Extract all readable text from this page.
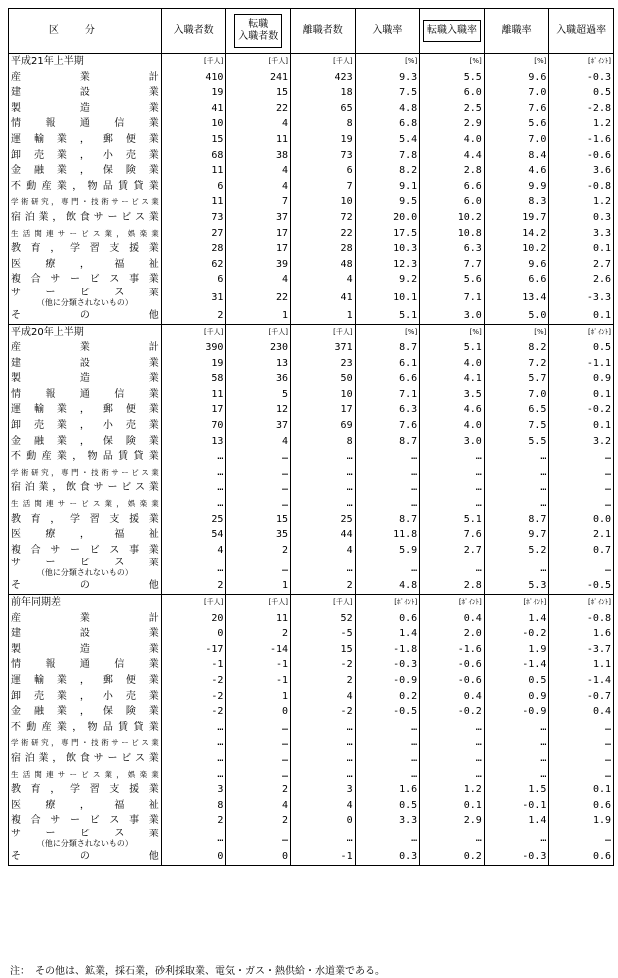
区分	入職者数	転職
入職者数	離職者数	入職率	転職入職率	離職率	入職超過率
平成21年上半期	[千人]	[千人]	[千人]	[%]	[%]	[%]	[ﾎﾟｲﾝﾄ]
産業計	410	241	423	9.3	5.5	9.6	-0.3
建設業	19	15	18	7.5	6.0	7.0	0.5
製造業	41	22	65	4.8	2.5	7.6	-2.8
情報通信業	10	4	8	6.8	2.9	5.6	1.2
運輸業，郵便業	15	11	19	5.4	4.0	7.0	-1.6
卸売業，小売業	68	38	73	7.8	4.4	8.4	-0.6
金融業，保険業	11	4	6	8.2	2.8	4.6	3.6
不動産業，物品賃貸業	6	4	7	9.1	6.6	9.9	-0.8
学術研究，専門・技術サービス業	11	7	10	9.5	6.0	8.3	1.2
宿泊業，飲食サービス業	73	37	72	20.0	10.2	19.7	0.3
生活関連サービス業，娯楽業	27	17	22	17.5	10.8	14.2	3.3
教育，学習支援業	28	17	28	10.3	6.3	10.2	0.1
医療，福祉	62	39	48	12.3	7.7	9.6	2.7
複合サービス事業	6	4	4	9.2	5.6	6.6	2.6

サービス業
（他に分類されないもの）	31	22	41	10.1	7.1	13.4	-3.3
その他	2	1	1	5.1	3.0	5.0	0.1
平成20年上半期	[千人]	[千人]	[千人]	[%]	[%]	[%]	[ﾎﾟｲﾝﾄ]
産業計	390	230	371	8.7	5.1	8.2	0.5
建設業	19	13	23	6.1	4.0	7.2	-1.1
製造業	58	36	50	6.6	4.1	5.7	0.9
情報通信業	11	5	10	7.1	3.5	7.0	0.1
運輸業，郵便業	17	12	17	6.3	4.6	6.5	-0.2
卸売業，小売業	70	37	69	7.6	4.0	7.5	0.1
金融業，保険業	13	4	8	8.7	3.0	5.5	3.2
不動産業，物品賃貸業	…	…	…	…	…	…	…
学術研究，専門・技術サービス業	…	…	…	…	…	…	…
宿泊業，飲食サービス業	…	…	…	…	…	…	…
生活関連サービス業，娯楽業	…	…	…	…	…	…	…
教育，学習支援業	25	15	25	8.7	5.1	8.7	0.0
医療，福祉	54	35	44	11.8	7.6	9.7	2.1
複合サービス事業	4	2	4	5.9	2.7	5.2	0.7

サービス業
（他に分類されないもの）	…	…	…	…	…	…	…
その他	2	1	2	4.8	2.8	5.3	-0.5
前年同期差	[千人]	[千人]	[千人]	[ﾎﾟｲﾝﾄ]	[ﾎﾟｲﾝﾄ]	[ﾎﾟｲﾝﾄ]	[ﾎﾟｲﾝﾄ]
産業計	20	11	52	0.6	0.4	1.4	-0.8
建設業	0	2	-5	1.4	2.0	-0.2	1.6
製造業	-17	-14	15	-1.8	-1.6	1.9	-3.7
情報通信業	-1	-1	-2	-0.3	-0.6	-1.4	1.1
運輸業，郵便業	-2	-1	2	-0.9	-0.6	0.5	-1.4
卸売業，小売業	-2	1	4	0.2	0.4	0.9	-0.7
金融業，保険業	-2	0	-2	-0.5	-0.2	-0.9	0.4
不動産業，物品賃貸業	…	…	…	…	…	…	…
学術研究，専門・技術サービス業	…	…	…	…	…	…	…
宿泊業，飲食サービス業	…	…	…	…	…	…	…
生活関連サービス業，娯楽業	…	…	…	…	…	…	…
教育，学習支援業	3	2	3	1.6	1.2	1.5	0.1
医療，福祉	8	4	4	0.5	0.1	-0.1	0.6
複合サービス事業	2	2	0	3.3	2.9	1.4	1.9

サービス業
（他に分類されないもの）	…	…	…	…	…	…	…
その他	0	0	-1	0.3	0.2	-0.3	0.6
注：　その他は、鉱業，採石業，砂利採取業、電気・ガス・熱供給・水道業である。
